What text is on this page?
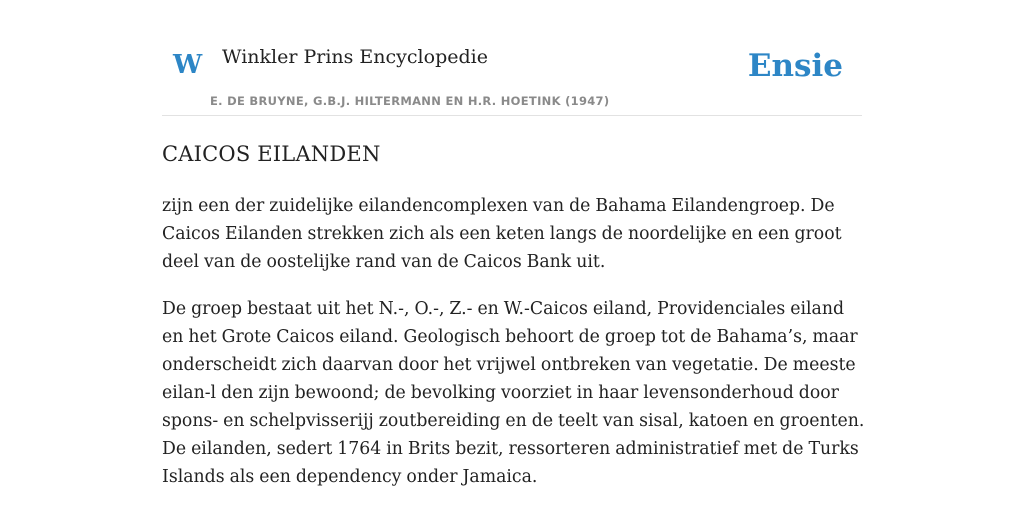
W Winkler Prins Encyclopedie
E. DE BRUYNE, G.B.J. HILTERMANN EN H.R. HOETINK (1947)
Ensie
CAICOS EILANDEN

zijn een der zuidelijke eilandencomplexen van de Bahama Eilandengroep. De Caicos Eilanden strekken zich als een keten langs de noordelijke en een groot deel van de oostelijke rand van de Caicos Bank uit.

De groep bestaat uit het N.-, O.-, Z.- en W.-Caicos eiland, Providenciales eiland en het Grote Caicos eiland. Geologisch behoort de groep tot de Bahama’s, maar onderscheidt zich daarvan door het vrijwel ontbreken van vegetatie. De meeste eilan-l den zijn bewoond; de bevolking voorziet in haar levensonderhoud door spons- en schelpvisserijj zoutbereiding en de teelt van sisal, katoen en groenten. De eilanden, sedert 1764 in Brits bezit, ressorteren administratief met de Turks Islands als een dependency onder Jamaica.
